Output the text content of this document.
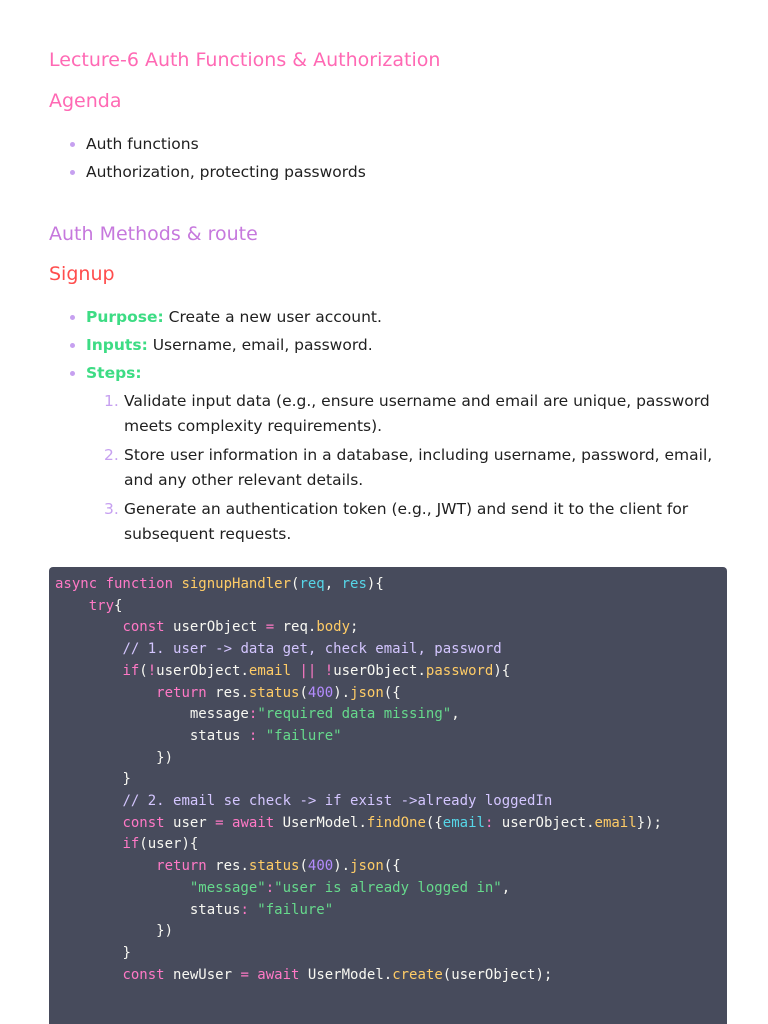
Lecture-6 Auth Functions & Authorization
Agenda
Auth functions
Authorization, protecting passwords
Auth Methods & route
Signup
Purpose: Create a new user account.
Inputs: Username, email, password.
Steps:
1. Validate input data (e.g., ensure username and email are unique, password meets complexity requirements).
2. Store user information in a database, including username, password, email, and any other relevant details.
3. Generate an authentication token (e.g., JWT) and send it to the client for subsequent requests.
async function signupHandler(req, res){
try{
const userObject = req.body;
// 1. user -> data get, check email, password
if(!userObject.email || !userObject.password){
return res.status(400).json({
message:"required data missing",
status : "failure"
})
}
// 2. email se check -> if exist ->already loggedIn
const user = await UserModel.findOne({email: userObject.email});
if(user){
return res.status(400).json({
"message":"user is already logged in",
status: "failure"
})
}
const newUser = await UserModel.create(userObject);
